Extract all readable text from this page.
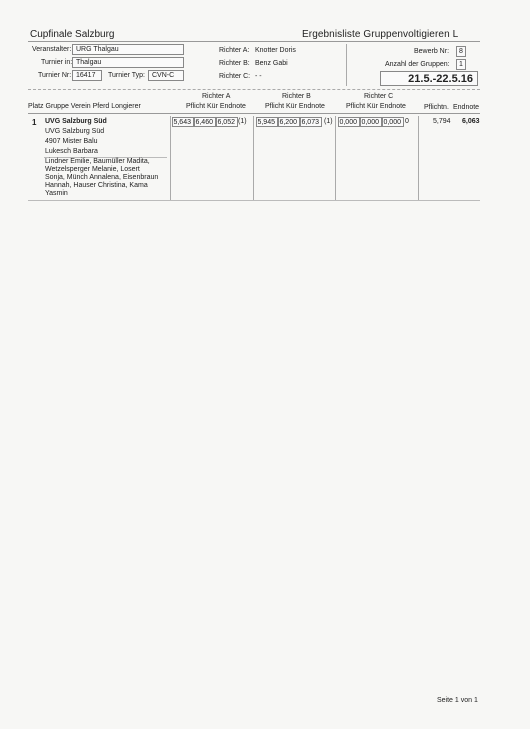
Cupfinale Salzburg	Ergebnisliste Gruppenvoltigieren L
Veranstalter: URG Thalgau
Turnier in: Thalgau
Turnier Nr: 16417	Turnier Typ:	CVN-C
Richter A: Knotter Doris
Richter B: Benz Gabi
Richter C: - -
Bewerb Nr:	8
Anzahl der Gruppen:	1
21.5.-22.5.16
Richter A	Richter B	Richter C
Platz Gruppe Verein Pferd Longierer	Pflicht Kür Endnote	Pflicht Kür Endnote	Pflicht Kür Endnote	Pflichtn. Endnote
1 UVG Salzburg Süd
UVG Salzburg Süd
4907 Mister Balu
Lukesch Barbara
Lindner Emilie, Baumüller Madita,
Wetzelsperger Melanie, Losert
Sonja, Münch Annalena, Eisenbraun
Hannah, Hauser Christina, Kama
Yasmin
5,643 6,460 6,052 (1) 5,945 6,200 6,073 (1) 0,000 0,000 0,000 0	5,794 6,063
Seite 1 von 1
